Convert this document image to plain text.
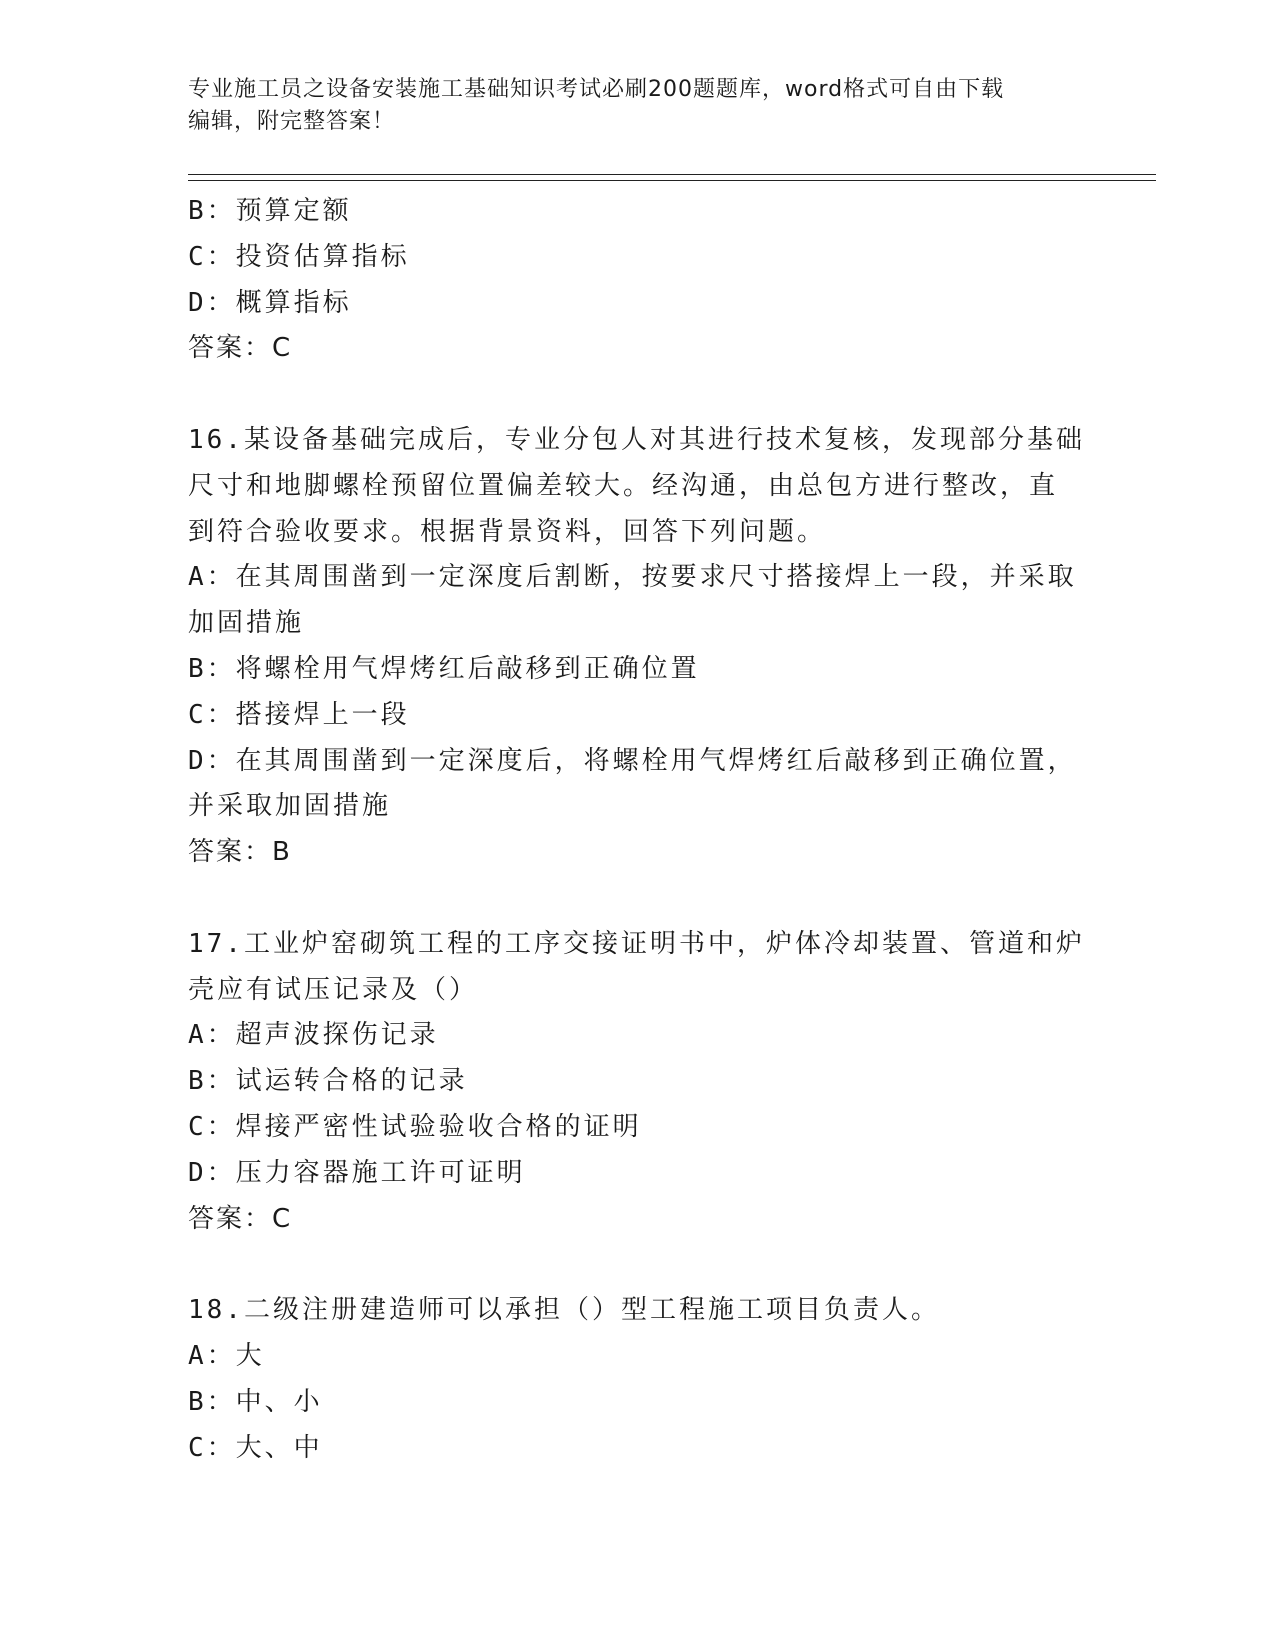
专业施工员之设备安装施工基础知识考试必刷200题题库，word格式可自由下载
编辑，附完整答案！

B：预算定额

C：投资估算指标

D：概算指标

答案：C

16.某设备基础完成后，专业分包人对其进行技术复核，发现部分基础

尺寸和地脚螺栓预留位置偏差较大。经沟通，由总包方进行整改，直

到符合验收要求。根据背景资料，回答下列问题。

A：在其周围凿到一定深度后割断，按要求尺寸搭接焊上一段，并采取

加固措施

B：将螺栓用气焊烤红后敲移到正确位置

C：搭接焊上一段

D：在其周围凿到一定深度后，将螺栓用气焊烤红后敲移到正确位置，

并采取加固措施

答案：B

17.工业炉窑砌筑工程的工序交接证明书中，炉体冷却装置、管道和炉

壳应有试压记录及（）

A：超声波探伤记录

B：试运转合格的记录

C：焊接严密性试验验收合格的证明

D：压力容器施工许可证明

答案：C

18.二级注册建造师可以承担（）型工程施工项目负责人。

A：大

B：中、小

C：大、中
